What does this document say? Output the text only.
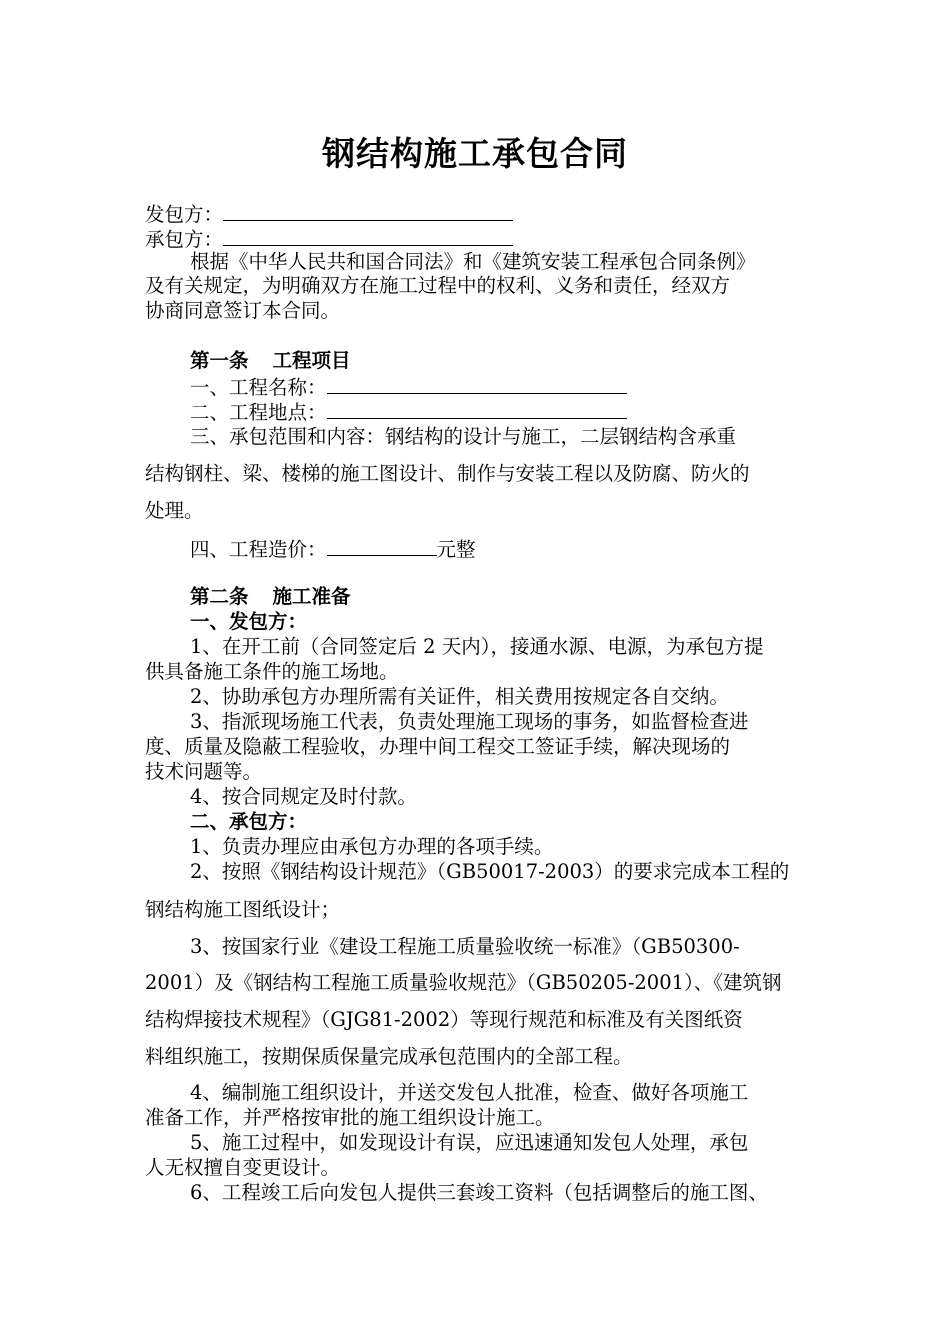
钢结构施工承包合同
发包方：
承包方：
根据《中华人民共和国合同法》和《建筑安装工程承包合同条例》
及有关规定，为明确双方在施工过程中的权利、义务和责任，经双方
协商同意签订本合同。
第一条 工程项目
一、工程名称：
二、工程地点：
三、承包范围和内容：钢结构的设计与施工，二层钢结构含承重
结构钢柱、梁、楼梯的施工图设计、制作与安装工程以及防腐、防火的
处理。
四、工程造价：	元整
第二条 施工准备
一、发包方：
1、在开工前（合同签定后 2 天内），接通水源、电源，为承包方提
供具备施工条件的施工场地。
2、协助承包方办理所需有关证件，相关费用按规定各自交纳。
3、指派现场施工代表，负责处理施工现场的事务，如监督检查进
度、质量及隐蔽工程验收，办理中间工程交工签证手续，解决现场的
技术问题等。
4、按合同规定及时付款。
二、承包方：
1、负责办理应由承包方办理的各项手续。
2、按照《钢结构设计规范》（GB50017-2003）的要求完成本工程的
钢结构施工图纸设计；
3、按国家行业《建设工程施工质量验收统一标准》（GB50300-
2001）及《钢结构工程施工质量验收规范》（GB50205-2001）、《建筑钢
结构焊接技术规程》（GJG81-2002）等现行规范和标准及有关图纸资
料组织施工，按期保质保量完成承包范围内的全部工程。
4、编制施工组织设计，并送交发包人批准，检查、做好各项施工
准备工作，并严格按审批的施工组织设计施工。
5、施工过程中，如发现设计有误，应迅速通知发包人处理，承包
人无权擅自变更设计。
6、工程竣工后向发包人提供三套竣工资料（包括调整后的施工图、
